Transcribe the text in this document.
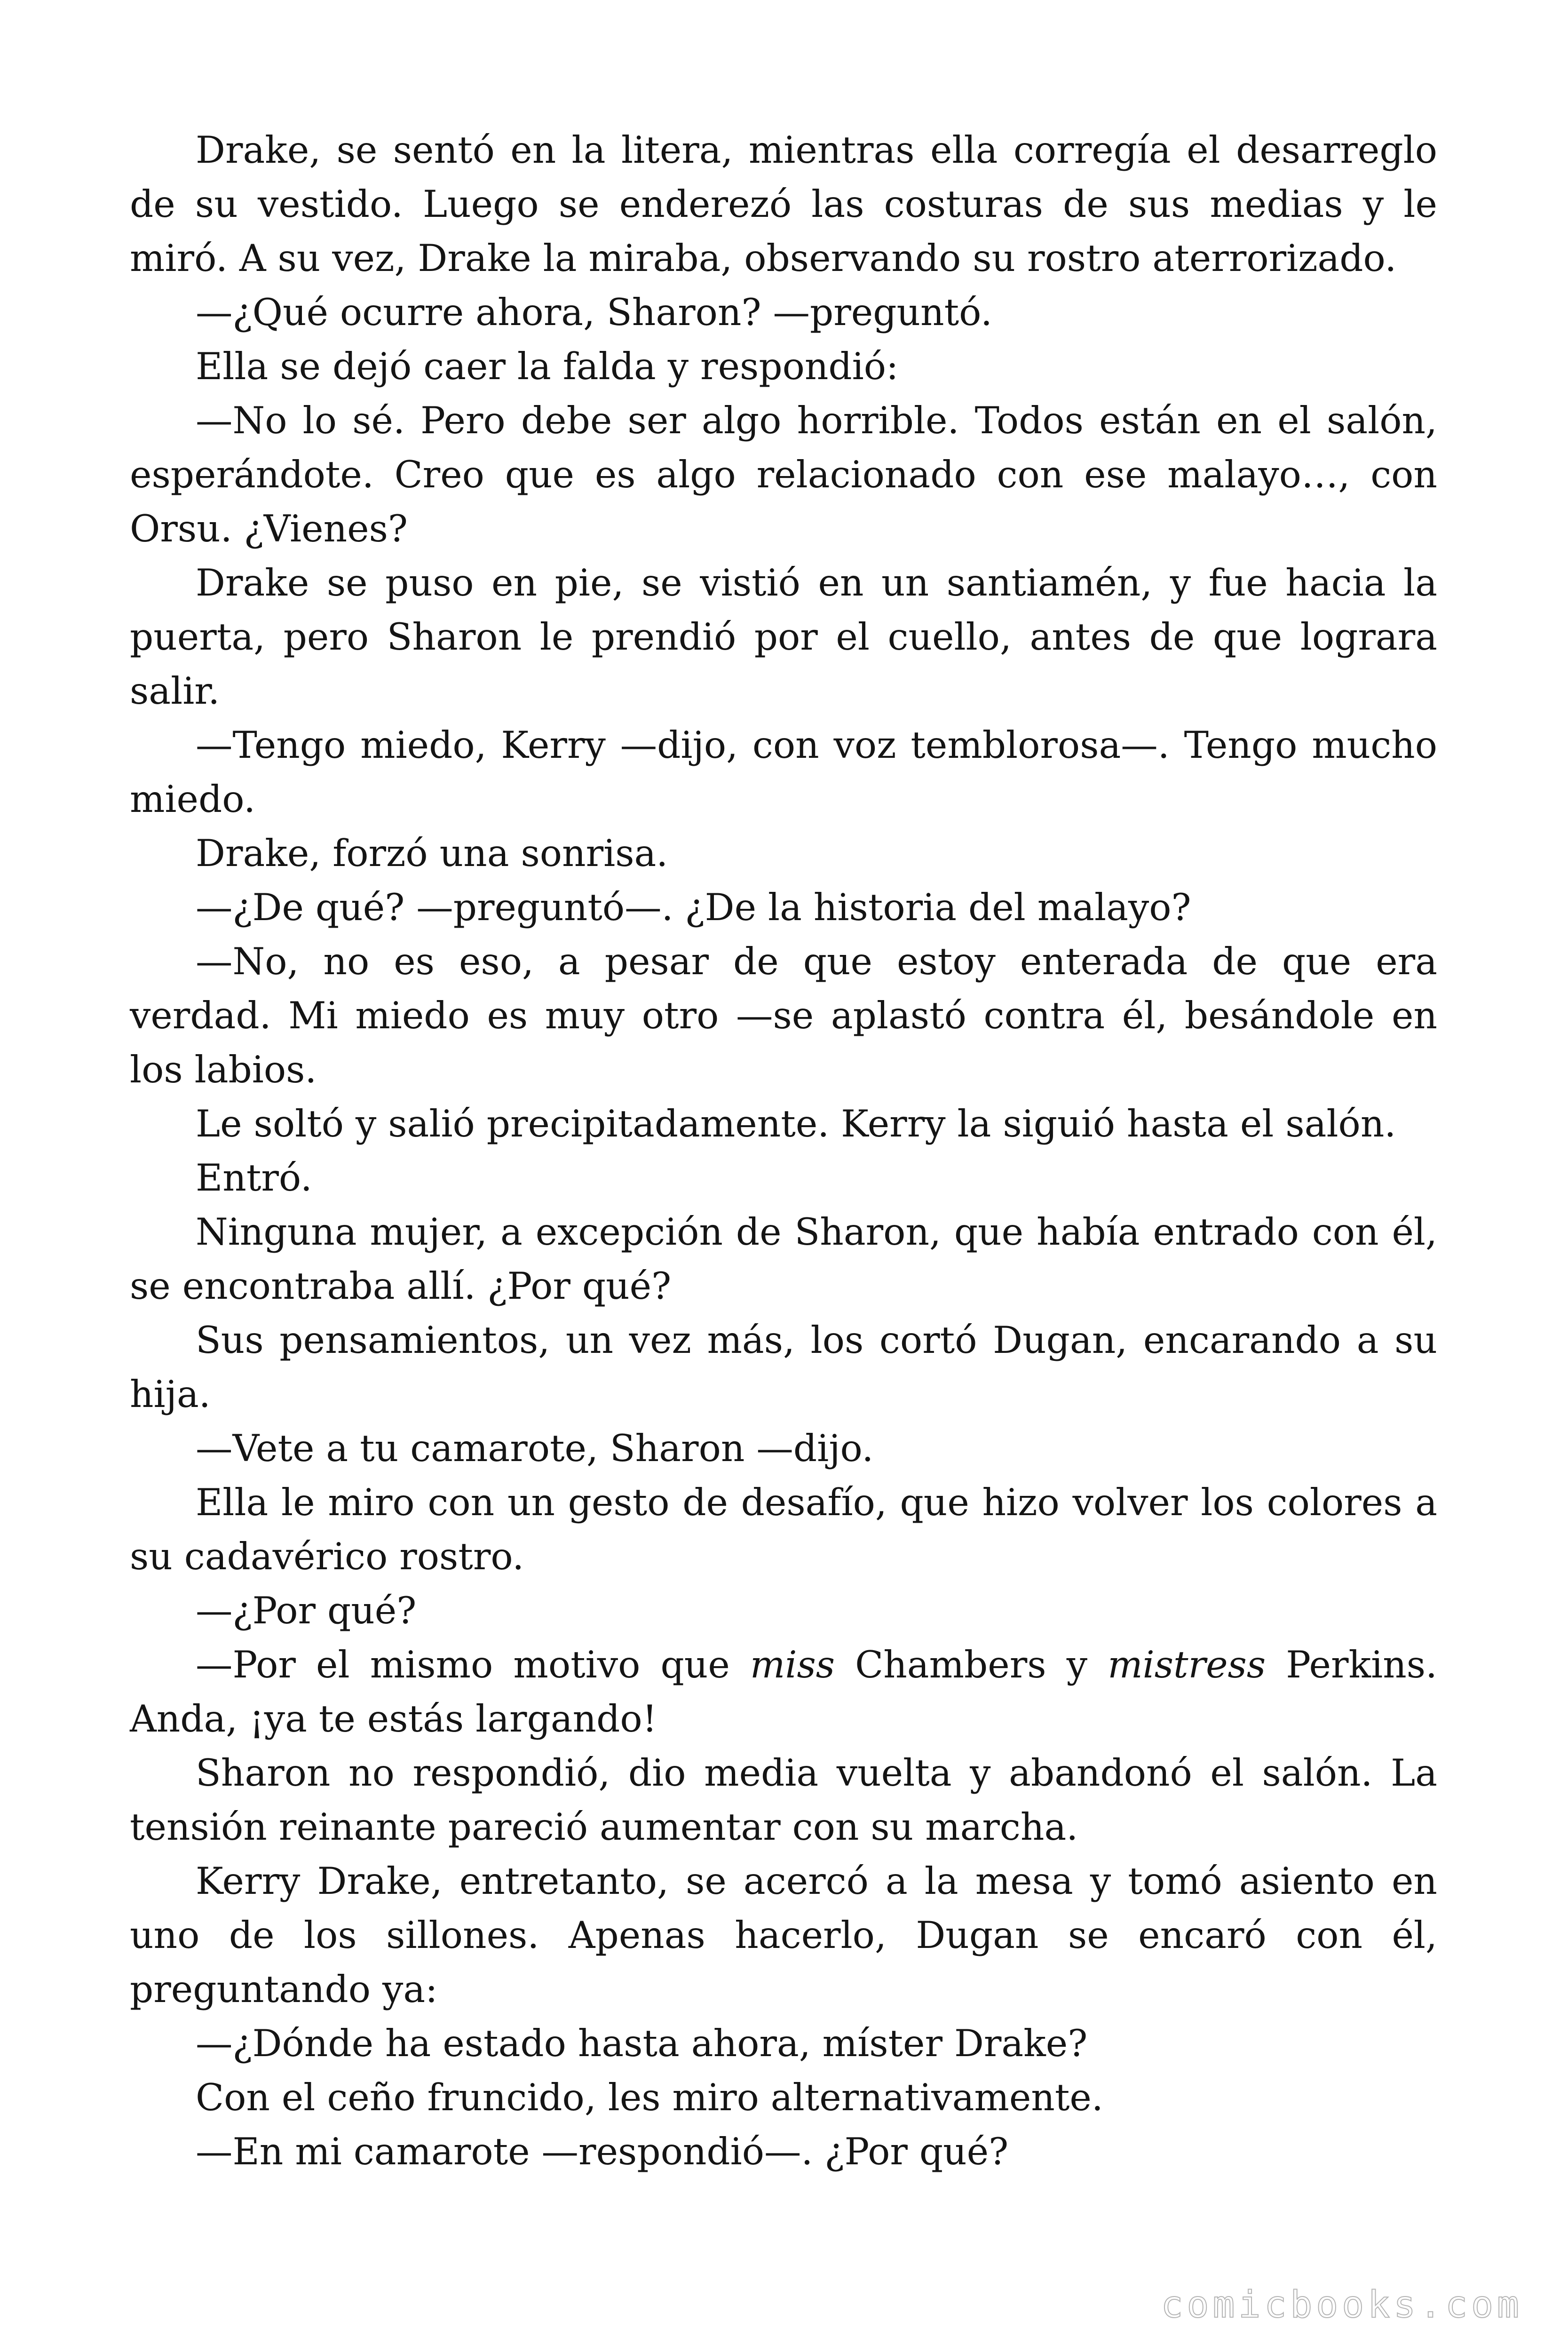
Drake, se sentó en la litera, mientras ella corregía el desarreglo de su vestido. Luego se enderezó las costuras de sus medias y le miró. A su vez, Drake la miraba, observando su rostro aterrorizado.

—¿Qué ocurre ahora, Sharon? —preguntó.

Ella se dejó caer la falda y respondió:

—No lo sé. Pero debe ser algo horrible. Todos están en el salón, esperándote. Creo que es algo relacionado con ese malayo…, con Orsu. ¿Vienes?

Drake se puso en pie, se vistió en un santiamén, y fue hacia la puerta, pero Sharon le prendió por el cuello, antes de que lograra salir.

—Tengo miedo, Kerry —dijo, con voz temblorosa—. Tengo mucho miedo.

Drake, forzó una sonrisa.

—¿De qué? —preguntó—. ¿De la historia del malayo?

—No, no es eso, a pesar de que estoy enterada de que era verdad. Mi miedo es muy otro —se aplastó contra él, besándole en los labios.

Le soltó y salió precipitadamente. Kerry la siguió hasta el salón.

Entró.

Ninguna mujer, a excepción de Sharon, que había entrado con él, se encontraba allí. ¿Por qué?

Sus pensamientos, un vez más, los cortó Dugan, encarando a su hija.

—Vete a tu camarote, Sharon —dijo.

Ella le miro con un gesto de desafío, que hizo volver los colores a su cadavérico rostro.

—¿Por qué?

—Por el mismo motivo que miss Chambers y mistress Perkins. Anda, ¡ya te estás largando!

Sharon no respondió, dio media vuelta y abandonó el salón. La tensión reinante pareció aumentar con su marcha.

Kerry Drake, entretanto, se acercó a la mesa y tomó asiento en uno de los sillones. Apenas hacerlo, Dugan se encaró con él, preguntando ya:

—¿Dónde ha estado hasta ahora, míster Drake?

Con el ceño fruncido, les miro alternativamente.

—En mi camarote —respondió—. ¿Por qué?

comicbooks.com
